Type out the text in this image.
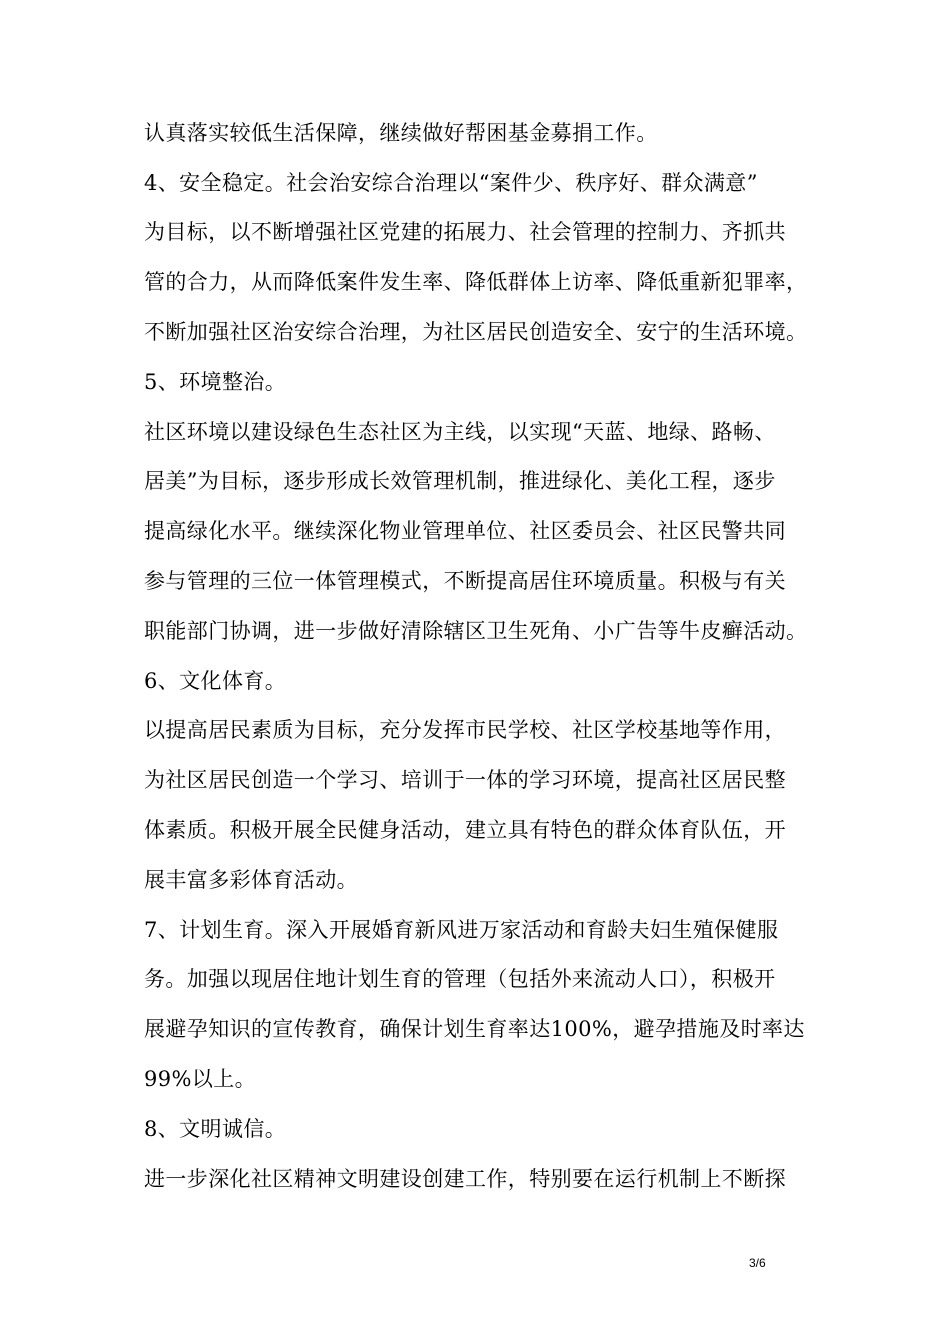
认真落实较低生活保障，继续做好帮困基金募捐工作。
4、安全稳定。社会治安综合治理以“案件少、秩序好、群众满意”
为目标，以不断增强社区党建的拓展力、社会管理的控制力、齐抓共
管的合力，从而降低案件发生率、降低群体上访率、降低重新犯罪率，
不断加强社区治安综合治理，为社区居民创造安全、安宁的生活环境。
5、环境整治。
社区环境以建设绿色生态社区为主线，以实现“天蓝、地绿、路畅、
居美”为目标，逐步形成长效管理机制，推进绿化、美化工程，逐步
提高绿化水平。继续深化物业管理单位、社区委员会、社区民警共同
参与管理的三位一体管理模式，不断提高居住环境质量。积极与有关
职能部门协调，进一步做好清除辖区卫生死角、小广告等牛皮癣活动。
6、文化体育。
以提高居民素质为目标，充分发挥市民学校、社区学校基地等作用，
为社区居民创造一个学习、培训于一体的学习环境，提高社区居民整
体素质。积极开展全民健身活动，建立具有特色的群众体育队伍，开
展丰富多彩体育活动。
7、计划生育。深入开展婚育新风进万家活动和育龄夫妇生殖保健服
务。加强以现居住地计划生育的管理（包括外来流动人口），积极开
展避孕知识的宣传教育，确保计划生育率达100%，避孕措施及时率达
99%以上。
8、文明诚信。
进一步深化社区精神文明建设创建工作，特别要在运行机制上不断探
3/6
